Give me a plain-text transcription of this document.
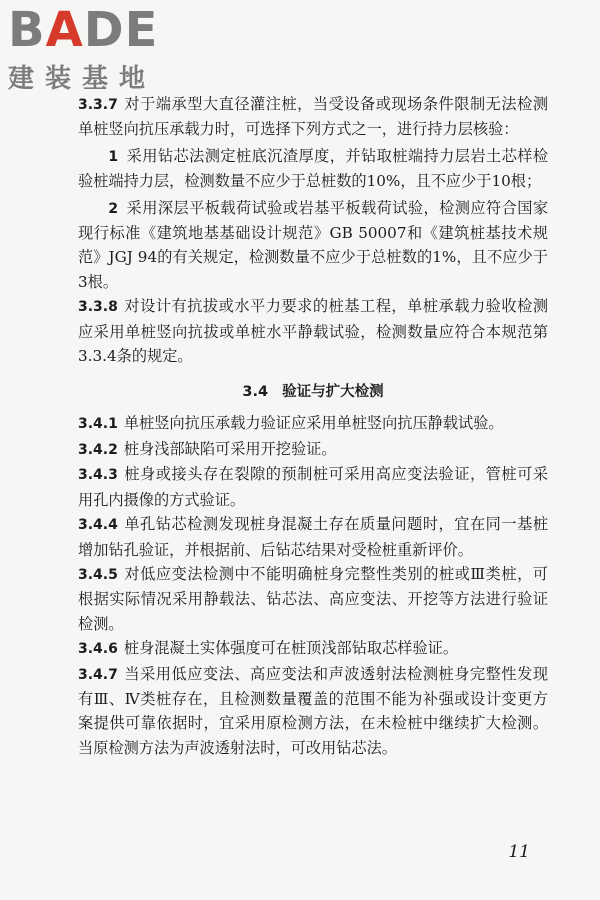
BADE
建装基地

3.3.7 对于端承型大直径灌注桩，当受设备或现场条件限制无法检测单桩竖向抗压承载力时，可选择下列方式之一，进行持力层核验：

1 采用钻芯法测定桩底沉渣厚度，并钻取桩端持力层岩土芯样检验桩端持力层，检测数量不应少于总桩数的10%，且不应少于10根；

2 采用深层平板载荷试验或岩基平板载荷试验，检测应符合国家现行标准《建筑地基基础设计规范》GB 50007和《建筑桩基技术规范》JGJ 94的有关规定，检测数量不应少于总桩数的1%，且不应少于3根。

3.3.8 对设计有抗拔或水平力要求的桩基工程，单桩承载力验收检测应采用单桩竖向抗拔或单桩水平静载试验，检测数量应符合本规范第3.3.4条的规定。

3.4 验证与扩大检测

3.4.1 单桩竖向抗压承载力验证应采用单桩竖向抗压静载试验。

3.4.2 桩身浅部缺陷可采用开挖验证。

3.4.3 桩身或接头存在裂隙的预制桩可采用高应变法验证，管桩可采用孔内摄像的方式验证。

3.4.4 单孔钻芯检测发现桩身混凝土存在质量问题时，宜在同一基桩增加钻孔验证，并根据前、后钻芯结果对受检桩重新评价。

3.4.5 对低应变法检测中不能明确桩身完整性类别的桩或Ⅲ类桩，可根据实际情况采用静载法、钻芯法、高应变法、开挖等方法进行验证检测。

3.4.6 桩身混凝土实体强度可在桩顶浅部钻取芯样验证。

3.4.7 当采用低应变法、高应变法和声波透射法检测桩身完整性发现有Ⅲ、Ⅳ类桩存在，且检测数量覆盖的范围不能为补强或设计变更方案提供可靠依据时，宜采用原检测方法，在未检桩中继续扩大检测。当原检测方法为声波透射法时，可改用钻芯法。

11
